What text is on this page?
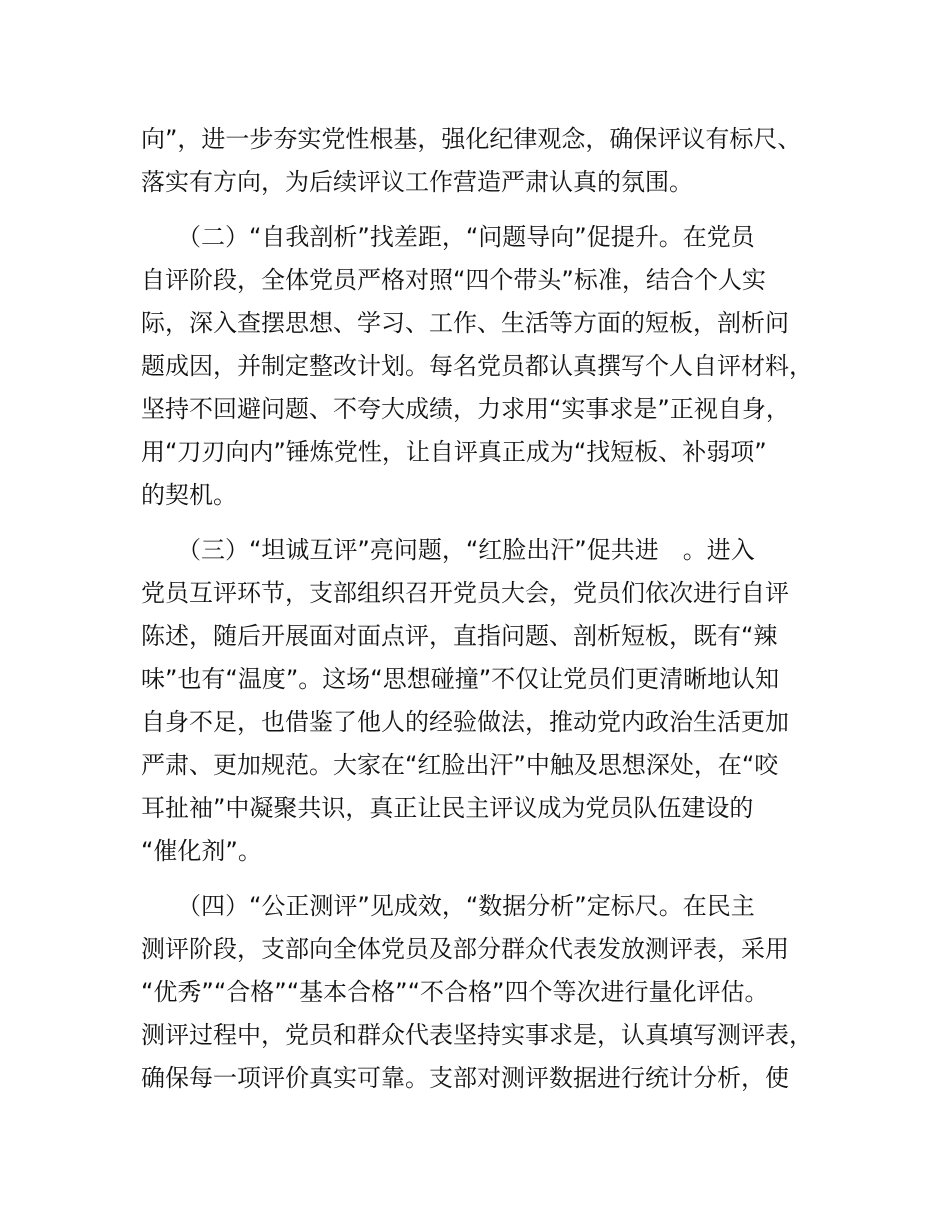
向”，进一步夯实党性根基，强化纪律观念，确保评议有标尺、
落实有方向，为后续评议工作营造严肃认真的氛围。
　　（二）“自我剖析”找差距，“问题导向”促提升。在党员
自评阶段，全体党员严格对照“四个带头”标准，结合个人实
际，深入查摆思想、学习、工作、生活等方面的短板，剖析问
题成因，并制定整改计划。每名党员都认真撰写个人自评材料，
坚持不回避问题、不夸大成绩，力求用“实事求是”正视自身，
用“刀刃向内”锤炼党性，让自评真正成为“找短板、补弱项”
的契机。
　　（三）“坦诚互评”亮问题，“红脸出汗”促共进　。进入
党员互评环节，支部组织召开党员大会，党员们依次进行自评
陈述，随后开展面对面点评，直指问题、剖析短板，既有“辣
味”也有“温度”。这场“思想碰撞”不仅让党员们更清晰地认知
自身不足，也借鉴了他人的经验做法，推动党内政治生活更加
严肃、更加规范。大家在“红脸出汗”中触及思想深处，在“咬
耳扯袖”中凝聚共识，真正让民主评议成为党员队伍建设的
“催化剂”。
　　（四）“公正测评”见成效，“数据分析”定标尺。在民主
测评阶段，支部向全体党员及部分群众代表发放测评表，采用
“优秀”“合格”“基本合格”“不合格”四个等次进行量化评估。
测评过程中，党员和群众代表坚持实事求是，认真填写测评表，
确保每一项评价真实可靠。支部对测评数据进行统计分析，使
